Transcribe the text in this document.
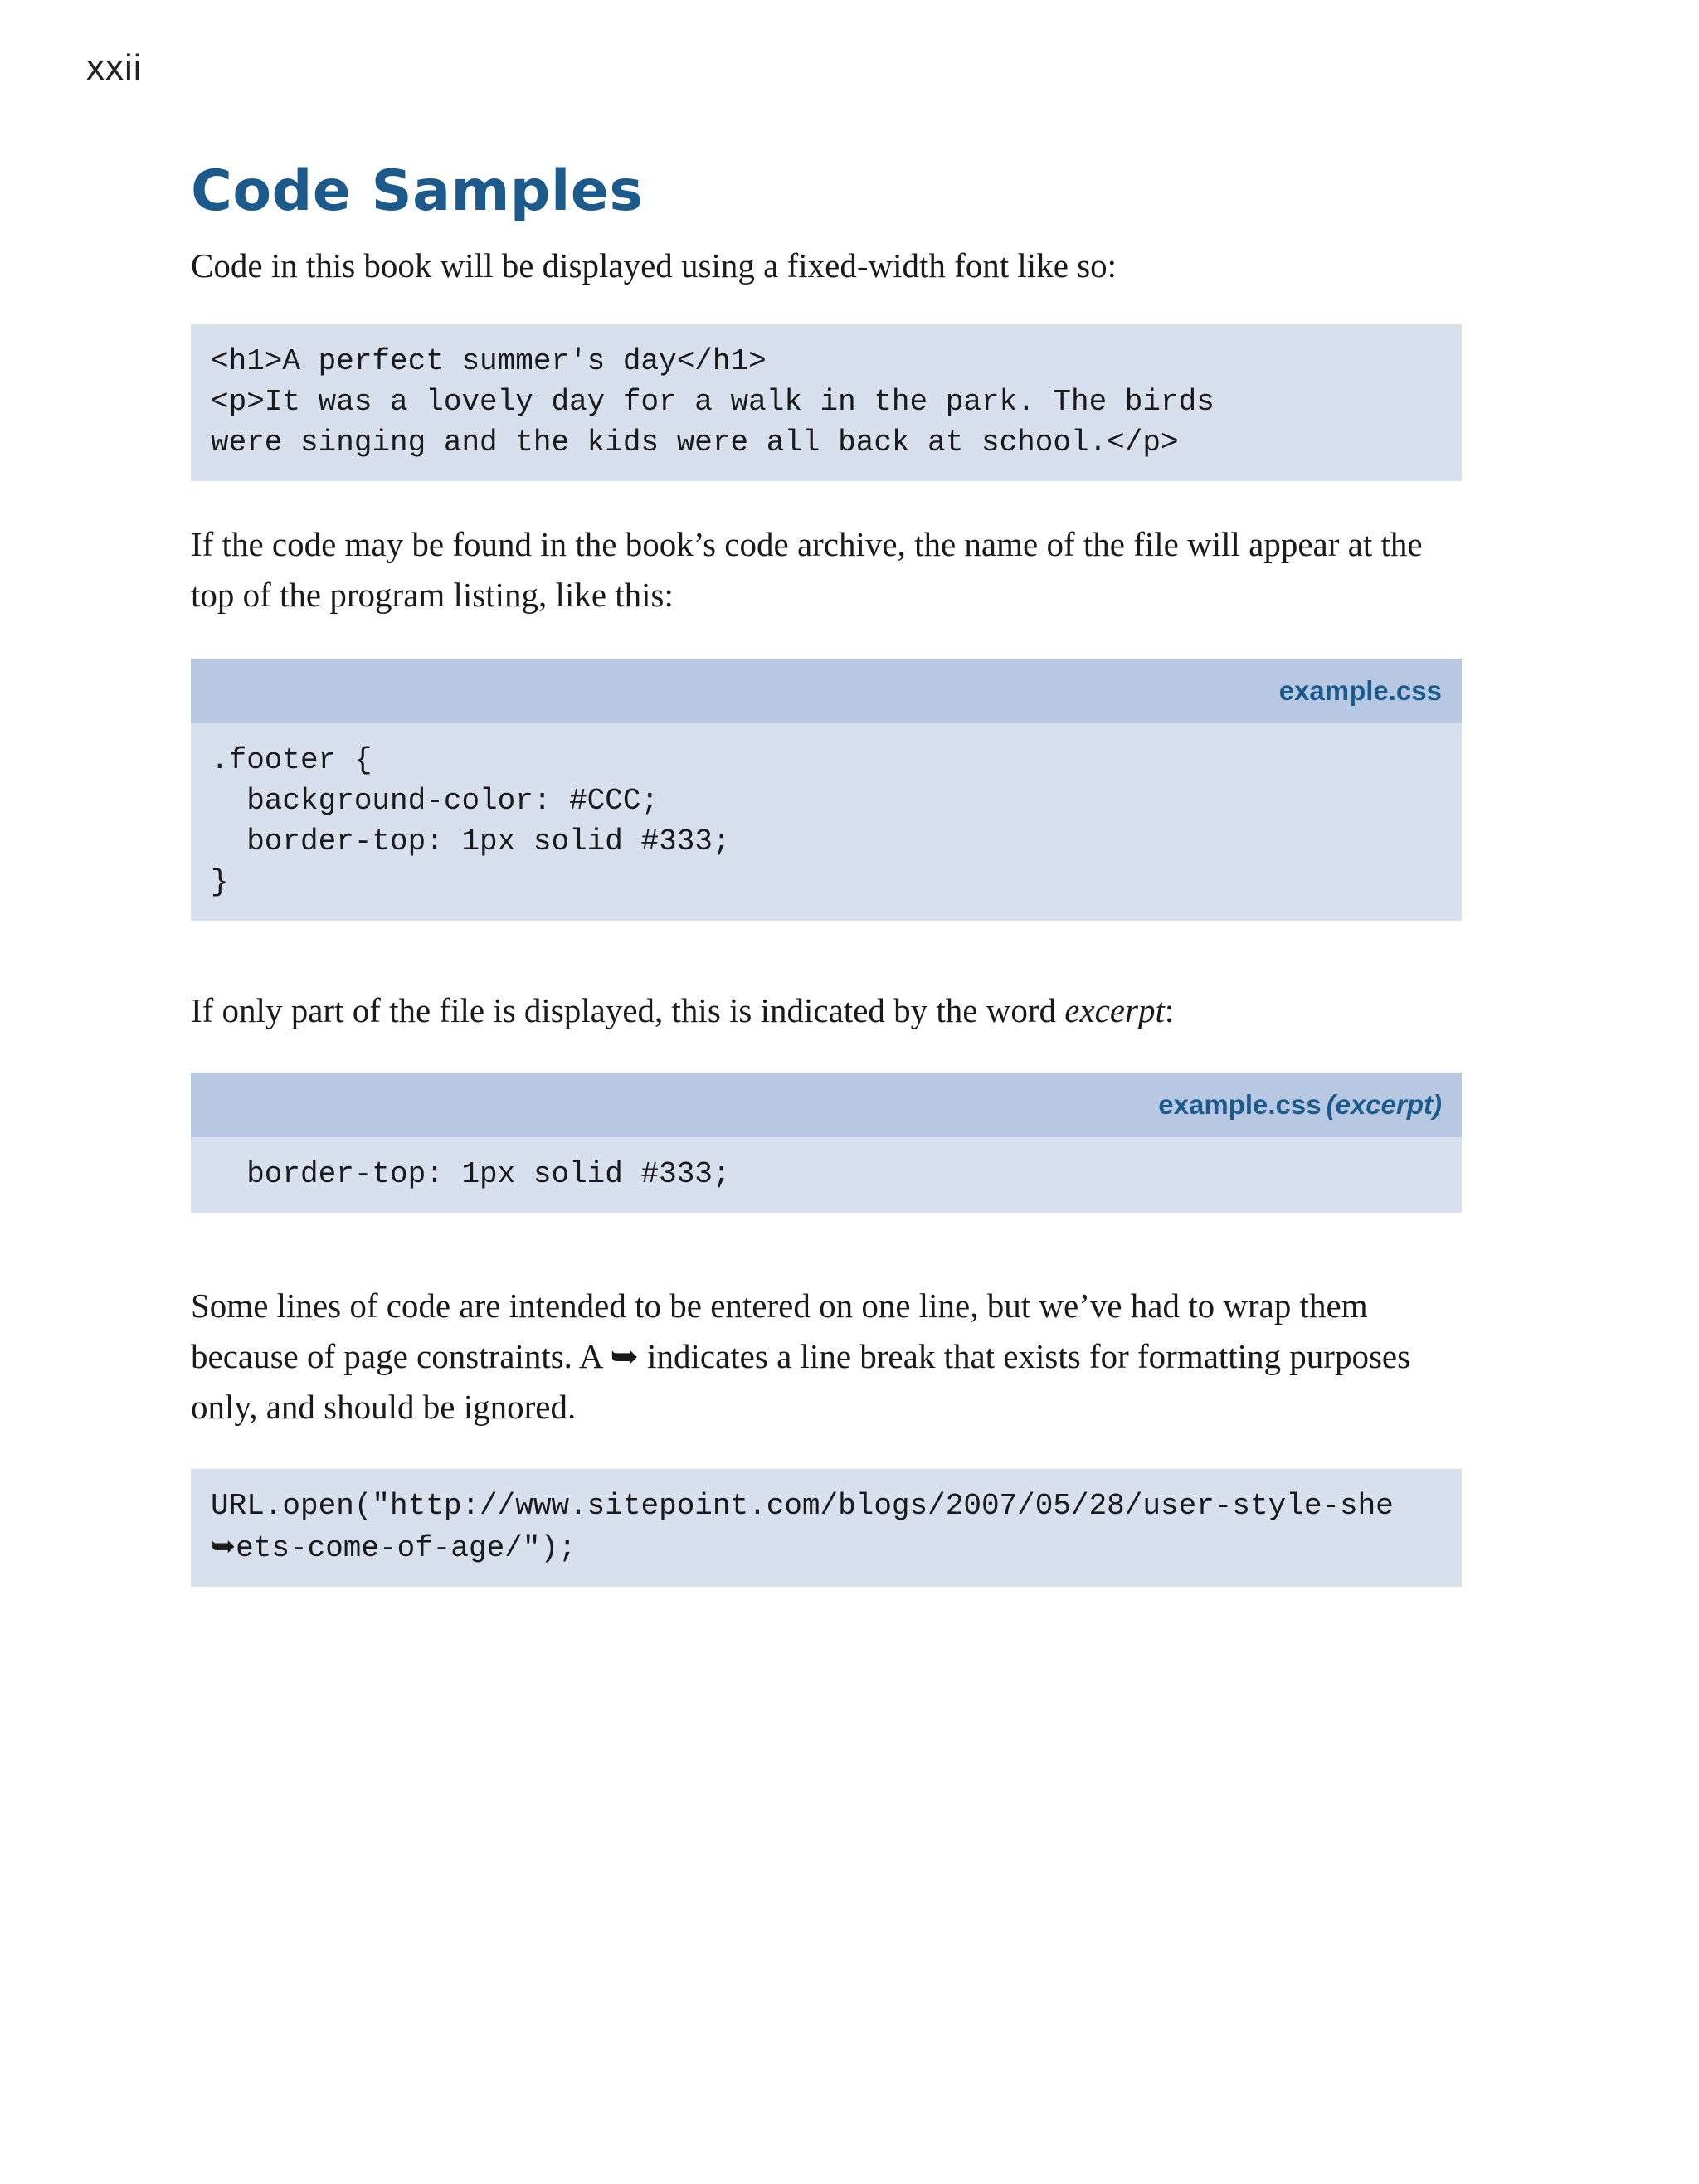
xxii
Code Samples

Code in this book will be displayed using a fixed-width font like so:

<h1>A perfect summer's day</h1>
<p>It was a lovely day for a walk in the park. The birds
were singing and the kids were all back at school.</p>

If the code may be found in the book’s code archive, the name of the file will appear at the top of the program listing, like this:

example.css
.footer {
background-color: #CCC;
border-top: 1px solid #333;
}

If only part of the file is displayed, this is indicated by the word excerpt:

example.css (excerpt)
border-top: 1px solid #333;

Some lines of code are intended to be entered on one line, but we’ve had to wrap them because of page constraints. A ➥ indicates a line break that exists for formatting purposes only, and should be ignored.

URL.open("http://www.sitepoint.com/blogs/2007/05/28/user-style-she
➥ets-come-of-age/");
